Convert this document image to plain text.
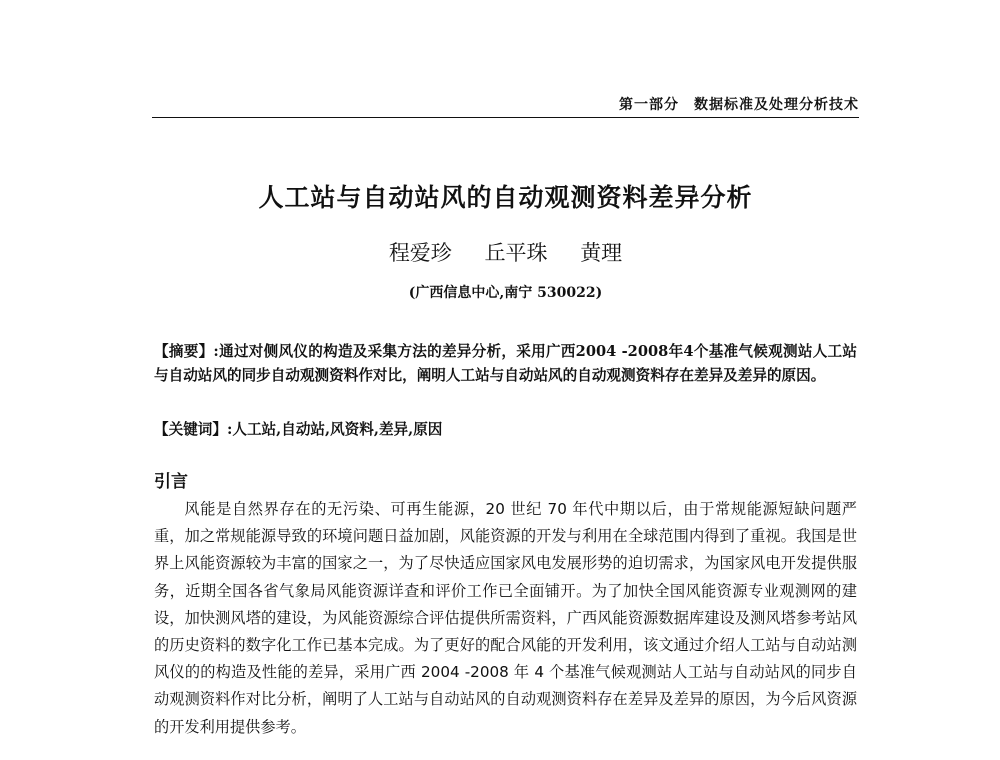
第一部分　数据标准及处理分析技术
人工站与自动站风的自动观测资料差异分析
程爱珍 丘平珠 黄理
(广西信息中心,南宁 530022)
【摘要】:通过对侧风仪的构造及采集方法的差异分析，采用广西2004 -2008年4个基准气候观测站人工站与自动站风的同步自动观测资料作对比，阐明人工站与自动站风的自动观测资料存在差异及差异的原因。
【关键词】:人工站,自动站,风资料,差异,原因
引言
风能是自然界存在的无污染、可再生能源，20 世纪 70 年代中期以后，由于常规能源短缺问题严重，加之常规能源导致的环境问题日益加剧，风能资源的开发与利用在全球范围内得到了重视。我国是世界上风能资源较为丰富的国家之一，为了尽快适应国家风电发展形势的迫切需求，为国家风电开发提供服务，近期全国各省气象局风能资源详查和评价工作已全面铺开。为了加快全国风能资源专业观测网的建设，加快测风塔的建设，为风能资源综合评估提供所需资料，广西风能资源数据库建设及测风塔参考站风的历史资料的数字化工作已基本完成。为了更好的配合风能的开发利用，该文通过介绍人工站与自动站测风仪的的构造及性能的差异，采用广西 2004 -2008 年 4 个基准气候观测站人工站与自动站风的同步自动观测资料作对比分析，阐明了人工站与自动站风的自动观测资料存在差异及差异的原因，为今后风资源的开发利用提供参考。
